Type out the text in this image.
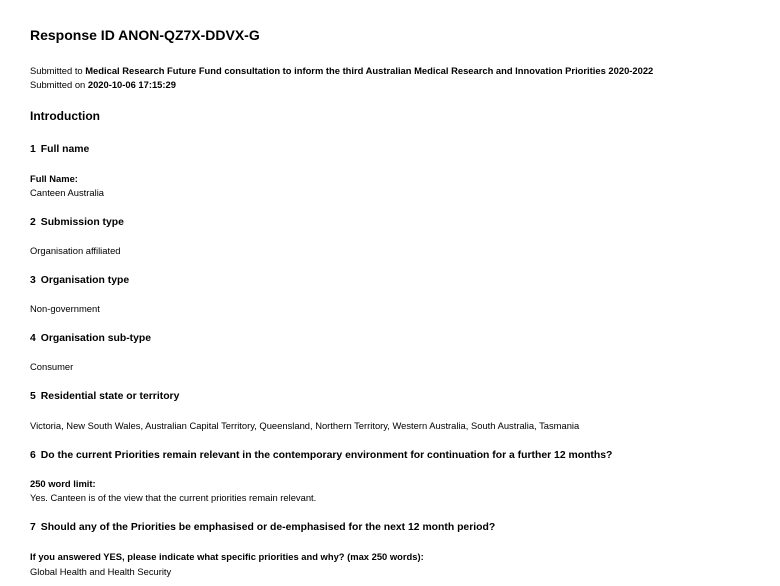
Response ID ANON-QZ7X-DDVX-G
Submitted to Medical Research Future Fund consultation to inform the third Australian Medical Research and Innovation Priorities 2020-2022
Submitted on 2020-10-06 17:15:29
Introduction
1 Full name
Full Name:
Canteen Australia
2 Submission type
Organisation affiliated
3 Organisation type
Non-government
4 Organisation sub-type
Consumer
5 Residential state or territory
Victoria, New South Wales, Australian Capital Territory, Queensland, Northern Territory, Western Australia, South Australia, Tasmania
6 Do the current Priorities remain relevant in the contemporary environment for continuation for a further 12 months?
250 word limit:
Yes. Canteen is of the view that the current priorities remain relevant.
7 Should any of the Priorities be emphasised or de-emphasised for the next 12 month period?
If you answered YES, please indicate what specific priorities and why? (max 250 words):
Global Health and Health Security
